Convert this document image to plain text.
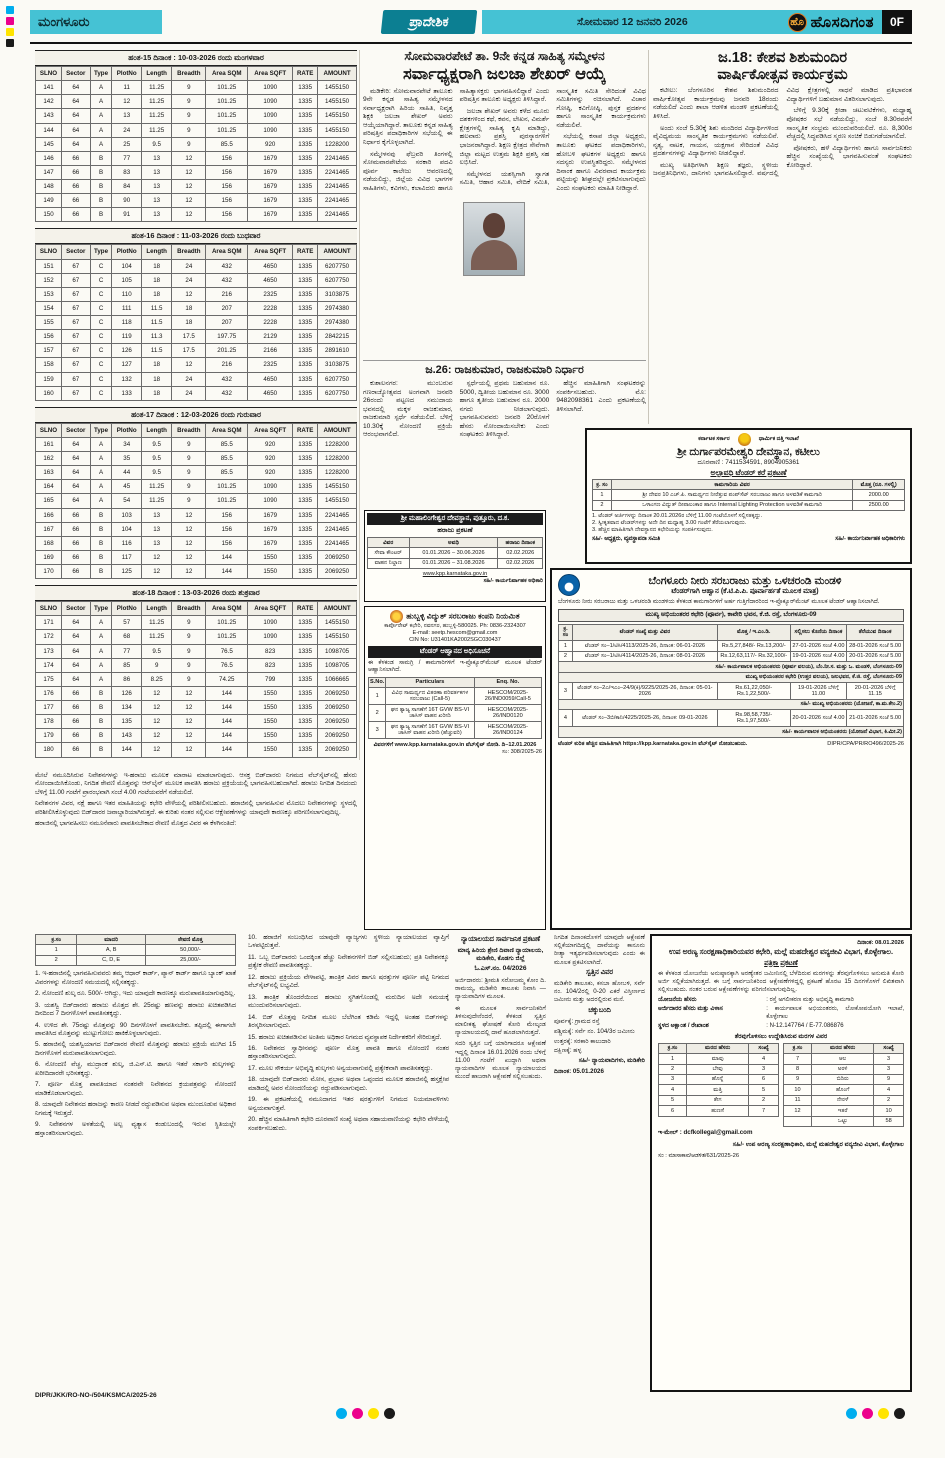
ಮಂಗಳೂರು	ಪ್ರಾದೇಶಿಕ	ಸೋಮವಾರ 12 ಜನವರಿ 2026	ಹೊ ಹೊಸದಿಗಂತ	0F
ಹಂತ-15 ದಿನಾಂಕ : 10-03-2026 ರಂದು ಮಂಗಳವಾರ
SLNO	Sector	Type	PlotNo	Length	Breadth	Area SQM	Area SQFT	RATE	AMOUNT
141	64	A	11	11.25	9	101.25	1090	1335	1455150
142	64	A	12	11.25	9	101.25	1090	1335	1455150
143	64	A	13	11.25	9	101.25	1090	1335	1455150
144	64	A	24	11.25	9	101.25	1090	1335	1455150
145	64	A	25	9.5	9	85.5	920	1335	1228200
146	66	B	77	13	12	156	1679	1335	2241465
147	66	B	83	13	12	156	1679	1335	2241465
148	66	B	84	13	12	156	1679	1335	2241465
149	66	B	90	13	12	156	1679	1335	2241465
150	66	B	91	13	12	156	1679	1335	2241465
ಹಂತ-16 ದಿನಾಂಕ : 11-03-2026 ರಂದು ಬುಧವಾರ
SLNO	Sector	Type	PlotNo	Length	Breadth	Area SQM	Area SQFT	RATE	AMOUNT
151	67	C	104	18	24	432	4650	1335	6207750
152	67	C	105	18	24	432	4650	1335	6207750
153	67	C	110	18	12	216	2325	1335	3103875
154	67	C	111	11.5	18	207	2228	1335	2974380
155	67	C	118	11.5	18	207	2228	1335	2974380
156	67	C	119	11.3	17.5	197.75	2129	1335	2842215
157	67	C	126	11.5	17.5	201.25	2166	1335	2891610
158	67	C	127	18	12	216	2325	1335	3103875
159	67	C	132	18	24	432	4650	1335	6207750
160	67	C	133	18	24	432	4650	1335	6207750
ಹಂತ-17 ದಿನಾಂಕ : 12-03-2026 ರಂದು ಗುರುವಾರ
SLNO	Sector	Type	PlotNo	Length	Breadth	Area SQM	Area SQFT	RATE	AMOUNT
161	64	A	34	9.5	9	85.5	920	1335	1228200
162	64	A	35	9.5	9	85.5	920	1335	1228200
163	64	A	44	9.5	9	85.5	920	1335	1228200
164	64	A	45	11.25	9	101.25	1090	1335	1455150
165	64	A	54	11.25	9	101.25	1090	1335	1455150
166	66	B	103	13	12	156	1679	1335	2241465
167	66	B	104	13	12	156	1679	1335	2241465
168	66	B	116	13	12	156	1679	1335	2241465
169	66	B	117	12	12	144	1550	1335	2069250
170	66	B	125	12	12	144	1550	1335	2069250
ಹಂತ-18 ದಿನಾಂಕ : 13-03-2026 ರಂದು ಶುಕ್ರವಾರ
SLNO	Sector	Type	PlotNo	Length	Breadth	Area SQM	Area SQFT	RATE	AMOUNT
171	64	A	57	11.25	9	101.25	1090	1335	1455150
172	64	A	68	11.25	9	101.25	1090	1335	1455150
173	64	A	77	9.5	9	76.5	823	1335	1098705
174	64	A	85	9	9	76.5	823	1335	1098705
175	64	A	86	8.25	9	74.25	799	1335	1066665
176	66	B	126	12	12	144	1550	1335	2069250
177	66	B	134	12	12	144	1550	1335	2069250
178	66	B	135	12	12	144	1550	1335	2069250
179	66	B	143	12	12	144	1550	1335	2069250
180	66	B	144	12	12	144	1550	1335	2069250
ಸೋಮವಾರಪೇಟೆ ತಾ. 9ನೇ ಕನ್ನಡ ಸಾಹಿತ್ಯ ಸಮ್ಮೇಳನ
ಸರ್ವಾಧ್ಯಕ್ಷರಾಗಿ ಜಲಜಾ ಶೇಖರ್ ಆಯ್ಕೆ

ಮಡಿಕೇರಿ: ಸೋಮವಾರಪೇಟೆ ತಾಲೂಕು 9ನೇ ಕನ್ನಡ ಸಾಹಿತ್ಯ ಸಮ್ಮೇಳನದ ಸರ್ವಾಧ್ಯಕ್ಷರಾಗಿ ಹಿರಿಯ ಸಾಹಿತಿ, ನಿವೃತ್ತ ಶಿಕ್ಷಕಿ ಜಲಜಾ ಶೇಖರ್ ಅವರು ಆಯ್ಕೆಯಾಗಿದ್ದಾರೆ. ತಾಲೂಕು ಕನ್ನಡ ಸಾಹಿತ್ಯ ಪರಿಷತ್ತಿನ ಪದಾಧಿಕಾರಿಗಳ ಸಭೆಯಲ್ಲಿ ಈ ನಿರ್ಧಾರ ಕೈಗೊಳ್ಳಲಾಗಿದೆ.

ಸಮ್ಮೇಳನವು ಫೆಬ್ರವರಿ ತಿಂಗಳಲ್ಲಿ ಸೋಮವಾರಪೇಟೆಯ ಸರಕಾರಿ ಪದವಿ ಪೂರ್ವ ಕಾಲೇಜು ಆವರಣದಲ್ಲಿ ನಡೆಯಲಿದ್ದು, ಜಿಲ್ಲೆಯ ವಿವಿಧ ಭಾಗಗಳ ಸಾಹಿತಿಗಳು, ಕವಿಗಳು, ಕಲಾವಿದರು ಹಾಗೂ ಸಾಹಿತ್ಯಾಸಕ್ತರು ಭಾಗವಹಿಸಲಿದ್ದಾರೆ ಎಂದು ಪರಿಷತ್ತಿನ ತಾಲೂಕು ಅಧ್ಯಕ್ಷರು ತಿಳಿಸಿದ್ದಾರೆ.

ಜಲಜಾ ಶೇಖರ್ ಅವರು ಕಳೆದ ಮೂರು ದಶಕಗಳಿಂದ ಕಥೆ, ಕವನ, ಲೇಖನ, ವಿಮರ್ಶೆ ಕ್ಷೇತ್ರಗಳಲ್ಲಿ ಸಾಹಿತ್ಯ ಕೃಷಿ ಮಾಡಿದ್ದು, ಹಲವಾರು ಪ್ರಶಸ್ತಿ ಪುರಸ್ಕಾರಗಳಿಗೆ ಭಾಜನರಾಗಿದ್ದಾರೆ. ಶಿಕ್ಷಣ ಕ್ಷೇತ್ರದ ಸೇವೆಗಾಗಿ ಜಿಲ್ಲಾ ಮಟ್ಟದ ಉತ್ತಮ ಶಿಕ್ಷಕಿ ಪ್ರಶಸ್ತಿ ಸಹ ಲಭಿಸಿದೆ.

ಸಮ್ಮೇಳನದ ಯಶಸ್ಸಿಗಾಗಿ ಸ್ವಾಗತ ಸಮಿತಿ, ಆಹಾರ ಸಮಿತಿ, ವೇದಿಕೆ ಸಮಿತಿ, ಸಾಂಸ್ಕೃತಿಕ ಸಮಿತಿ ಸೇರಿದಂತೆ ವಿವಿಧ ಸಮಿತಿಗಳನ್ನು ರಚಿಸಲಾಗಿದೆ. ವಿಚಾರ ಗೋಷ್ಠಿ, ಕವಿಗೋಷ್ಠಿ, ಪುಸ್ತಕ ಪ್ರದರ್ಶನ ಹಾಗೂ ಸಾಂಸ್ಕೃತಿಕ ಕಾರ್ಯಕ್ರಮಗಳು ನಡೆಯಲಿವೆ.

ಸಭೆಯಲ್ಲಿ ಕಸಾಪ ಜಿಲ್ಲಾ ಅಧ್ಯಕ್ಷರು, ತಾಲೂಕು ಘಟಕದ ಪದಾಧಿಕಾರಿಗಳು, ಹೋಬಳಿ ಘಟಕಗಳ ಅಧ್ಯಕ್ಷರು ಹಾಗೂ ಸದಸ್ಯರು ಉಪಸ್ಥಿತರಿದ್ದರು. ಸಮ್ಮೇಳನದ ದಿನಾಂಕ ಹಾಗೂ ವಿವರವಾದ ಕಾರ್ಯಕ್ರಮ ಪಟ್ಟಿಯನ್ನು ಶೀಘ್ರದಲ್ಲೇ ಪ್ರಕಟಿಸಲಾಗುವುದು ಎಂದು ಸಂಘಟಕರು ಮಾಹಿತಿ ನೀಡಿದ್ದಾರೆ.

ಜ.26: ರಾಜಕುಮಾರ, ರಾಜಕುಮಾರಿ ನಿರ್ಧಾರ

ಕುಶಾಲನಗರ: ಮುಂಬರುವ ಗಣರಾಜ್ಯೋತ್ಸವದ ಅಂಗವಾಗಿ ಜನವರಿ 26ರಂದು ಪಟ್ಟಣದ ಸಮುದಾಯ ಭವನದಲ್ಲಿ ಮಕ್ಕಳ ರಾಜಕುಮಾರ, ರಾಜಕುಮಾರಿ ಸ್ಪರ್ಧೆ ನಡೆಯಲಿದೆ. ಬೆಳಿಗ್ಗೆ 10.30ಕ್ಕೆ ನೋಂದಣಿ ಪ್ರಕ್ರಿಯೆ ಆರಂಭವಾಗಲಿದೆ.

ಸ್ಪರ್ಧೆಯಲ್ಲಿ ಪ್ರಥಮ ಬಹುಮಾನ ರೂ. 5000, ದ್ವಿತೀಯ ಬಹುಮಾನ ರೂ. 3000 ಹಾಗೂ ತೃತೀಯ ಬಹುಮಾನ ರೂ. 2000 ನಗದು ನೀಡಲಾಗುವುದು. ಭಾಗವಹಿಸುವವರು ಜನವರಿ 20ರೊಳಗೆ ಹೆಸರು ನೋಂದಾಯಿಸಬೇಕು ಎಂದು ಸಂಘಟಕರು ತಿಳಿಸಿದ್ದಾರೆ.

ಹೆಚ್ಚಿನ ಮಾಹಿತಿಗಾಗಿ ಸಂಘಟಕರನ್ನು ಸಂಪರ್ಕಿಸಬಹುದು. ಮೊ: 9482098361 ಎಂದು ಪ್ರಕಟಣೆಯಲ್ಲಿ ತಿಳಿಸಲಾಗಿದೆ.

ಶ್ರೀ ಮಹಾಲಿಂಗೇಶ್ವರ ದೇವಸ್ಥಾನ, ಪುತ್ತೂರು, ದ.ಕ.
ಹರಾಜು ಪ್ರಕಟಣೆ
ವಿವರ	ಅವಧಿ	ಹರಾಜು ದಿನಾಂಕ
ಸೇವಾ ಕೌಂಟರ್	01.01.2026 – 30.06.2026	02.02.2026
ವಾಹನ ನಿಲ್ದಾಣ	01.01.2026 – 31.08.2026	02.02.2026
www.kpp.karnataka.gov.in
ಸಹಿ/- ಕಾರ್ಯನಿರ್ವಾಹಕ ಅಧಿಕಾರಿ
ಹುಬ್ಬಳ್ಳಿ ವಿದ್ಯುತ್ ಸರಬರಾಜು ಕಂಪನಿ ನಿಯಮಿತ
ಕಾರ್ಪೊರೇಟ್ ಕಛೇರಿ, ನವನಗರ, ಹುಬ್ಬಳ್ಳಿ-580025. Ph: 0836-2324307
E-mail: seetp.hescom@gmail.com
CIN No: U31401KA2002SGC030437
ಟೆಂಡರ್ ಆಹ್ವಾನದ ಅಧಿಸೂಚನೆ
ಈ ಕೆಳಕಂಡ ಸಾಮಗ್ರಿ / ಕಾಮಗಾರಿಗಳಿಗೆ ಇ-ಪ್ರೊಕ್ಯೂರ್‌ಮೆಂಟ್ ಮೂಲಕ ಟೆಂಡರ್ ಆಹ್ವಾನಿಸಲಾಗಿದೆ.
S.No.	Particulars	Enq. No.
1	ವಿವಿಧ ಸಾಮರ್ಥ್ಯದ ವಿತರಣಾ ಪರಿವರ್ತಕಗಳ ಸರಬರಾಜು (Call-5)	HESCOM/2025-26/IND0059/Call-5
2	ಘನ ತ್ಯಾಜ್ಯ ಸಾಗಣೆಗೆ 16T GVW BS-VI ಚಾಸಿಸ್ ವಾಹನ ಖರೀದಿ	HESCOM/2025-26/IND0120
3	ಘನ ತ್ಯಾಜ್ಯ ಸಾಗಣೆಗೆ 16T GVW BS-VI ಚಾಸಿಸ್ ವಾಹನ ಖರೀದಿ (ಹೆಚ್ಚುವರಿ)	HESCOM/2025-26/IND0124
ವಿವರಗಳಿಗೆ www.kpp.karnataka.gov.in ವೆಬ್‌ಸೈಟ್ ನೋಡಿ. ದಿ–12.01.2026
ಸಂ: 308/2025-26
ಜ.18: ಕೇಶವ ಶಿಶುಮಂದಿರ
ವಾರ್ಷಿಕೋತ್ಸವ ಕಾರ್ಯಕ್ರಮ

ಕಟೀಲು: ಬೆಂಗಳೂರಿನ ಕೇಶವ ಶಿಶುಮಂದಿರದ ವಾರ್ಷಿಕೋತ್ಸವ ಕಾರ್ಯಕ್ರಮವು ಜನವರಿ 18ರಂದು ನಡೆಯಲಿದೆ ಎಂದು ಶಾಲಾ ಆಡಳಿತ ಮಂಡಳಿ ಪ್ರಕಟಣೆಯಲ್ಲಿ ತಿಳಿಸಿದೆ.

ಅಂದು ಸಂಜೆ 5.30ಕ್ಕೆ ಶಿಶು ಮಂದಿರದ ವಿದ್ಯಾರ್ಥಿಗಳಿಂದ ವೈವಿಧ್ಯಮಯ ಸಾಂಸ್ಕೃತಿಕ ಕಾರ್ಯಕ್ರಮಗಳು ನಡೆಯಲಿವೆ. ನೃತ್ಯ, ನಾಟಕ, ಗಾಯನ, ಯಕ್ಷಗಾನ ಸೇರಿದಂತೆ ವಿವಿಧ ಪ್ರದರ್ಶನಗಳನ್ನು ವಿದ್ಯಾರ್ಥಿಗಳು ನೀಡಲಿದ್ದಾರೆ.

ಮುಖ್ಯ ಅತಿಥಿಗಳಾಗಿ ಶಿಕ್ಷಣ ತಜ್ಞರು, ಸ್ಥಳೀಯ ಜನಪ್ರತಿನಿಧಿಗಳು, ದಾನಿಗಳು ಭಾಗವಹಿಸಲಿದ್ದಾರೆ. ವರ್ಷದಲ್ಲಿ ವಿವಿಧ ಕ್ಷೇತ್ರಗಳಲ್ಲಿ ಸಾಧನೆ ಮಾಡಿದ ಪ್ರತಿಭಾವಂತ ವಿದ್ಯಾರ್ಥಿಗಳಿಗೆ ಬಹುಮಾನ ವಿತರಿಸಲಾಗುವುದು.

ಬೆಳಿಗ್ಗೆ 9.30ಕ್ಕೆ ಕ್ರೀಡಾ ಚಟುವಟಿಕೆಗಳು, ಮಧ್ಯಾಹ್ನ ಪೋಷಕರ ಸಭೆ ನಡೆಯಲಿದ್ದು, ಸಂಜೆ 8.30ರವರೆಗೆ ಸಾಂಸ್ಕೃತಿಕ ಸಂಭ್ರಮ ಮುಂದುವರಿಯಲಿದೆ. ರೂ. 8,300ರ ವೆಚ್ಚದಲ್ಲಿ ಸಿದ್ಧಪಡಿಸಿದ ಸ್ಮರಣ ಸಂಚಿಕೆ ಬಿಡುಗಡೆಯಾಗಲಿದೆ.

ಪೋಷಕರು, ಹಳೆ ವಿದ್ಯಾರ್ಥಿಗಳು ಹಾಗೂ ಸಾರ್ವಜನಿಕರು ಹೆಚ್ಚಿನ ಸಂಖ್ಯೆಯಲ್ಲಿ ಭಾಗವಹಿಸುವಂತೆ ಸಂಘಟಕರು ಕೋರಿದ್ದಾರೆ.

ಕರ್ನಾಟಕ ಸರ್ಕಾರ	ಧಾರ್ಮಿಕ ದತ್ತಿ ಇಲಾಖೆ
ಶ್ರೀ ದುರ್ಗಾಪರಮೇಶ್ವರಿ ದೇವಸ್ಥಾನ, ಕಟೀಲು
ದೂರವಾಣಿ : 7411534591, 8904905361
ಅಲ್ಪಾವಧಿ ಟೆಂಡರ್ ಕರೆ ಪ್ರಕಟಣೆ
ಕ್ರ. ಸಂ	ಕಾಮಗಾರಿಯ ವಿವರ	ಮೊತ್ತ (ರೂ. ಗಳಲ್ಲಿ)
1	ಶ್ರೀ ದೇವರ 10 ಎಚ್.ಪಿ. ಸಾಮರ್ಥ್ಯದ ನೀರೆತ್ತುವ ಪಂಪ್‌ಸೆಟ್ ಸರಬರಾಜು ಹಾಗೂ ಅಳವಡಿಕೆ ಕಾಮಗಾರಿ	2000.00
2	ಒಳಾಂಗಣ ವಿದ್ಯುತ್ ದೀಪಾಲಂಕಾರ ಹಾಗೂ Internal Lighting Protection ಅಳವಡಿಕೆ ಕಾಮಗಾರಿ	2500.00
1. ಟೆಂಡರ್ ಅರ್ಜಿಗಳನ್ನು ದಿನಾಂಕ 20.01.2026ರ ಬೆಳಿಗ್ಗೆ 11.00 ಗಂಟೆಯೊಳಗೆ ಸಲ್ಲಿಸತಕ್ಕದ್ದು.
2. ಸ್ವೀಕೃತವಾದ ಟೆಂಡರ್‌ಗಳನ್ನು ಅದೇ ದಿನ ಮಧ್ಯಾಹ್ನ 3.00 ಗಂಟೆಗೆ ತೆರೆಯಲಾಗುವುದು.
3. ಹೆಚ್ಚಿನ ಮಾಹಿತಿಗಾಗಿ ದೇವಸ್ಥಾನದ ಕಛೇರಿಯನ್ನು ಸಂಪರ್ಕಿಸುವುದು.
ಸಹಿ/- ಅಧ್ಯಕ್ಷರು, ವ್ಯವಸ್ಥಾಪನಾ ಸಮಿತಿ	ಸಹಿ/- ಕಾರ್ಯನಿರ್ವಾಹಕ ಅಧಿಕಾರಿಗಳು
ಬೆಂಗಳೂರು ನೀರು ಸರಬರಾಜು ಮತ್ತು ಒಳಚರಂಡಿ ಮಂಡಳಿ
ಟೆಂಡರ್‌ಗಾಗಿ ಆಹ್ವಾನ (ಕೆ.ಟಿ.ಪಿ.ಪಿ. ಪೂರ್ವಾರ್ಹತೆ ಮೂಲಕ ಮಾತ್ರ)
ಬೆಂಗಳೂರು ನೀರು ಸರಬರಾಜು ಮತ್ತು ಒಳಚರಂಡಿ ಮಂಡಳಿಯ ಕೆಳಕಂಡ ಕಾಮಗಾರಿಗಳಿಗೆ ಅರ್ಹ ಗುತ್ತಿಗೆದಾರರಿಂದ ಇ-ಪ್ರೊಕ್ಯೂರ್‌ಮೆಂಟ್ ಮೂಲಕ ಟೆಂಡರ್ ಆಹ್ವಾನಿಸಲಾಗಿದೆ.
ಮುಖ್ಯ ಅಭಿಯಂತರರ ಕಛೇರಿ (ಪೂರ್ವ), ಕಾವೇರಿ ಭವನ, ಕೆ.ಜಿ. ರಸ್ತೆ, ಬೆಂಗಳೂರು-09
ಕ್ರ. ಸಂ	ಟೆಂಡರ್ ಸಂಖ್ಯೆ ಮತ್ತು ವಿವರ	ಮೊತ್ತ / ಇ.ಎಂ.ಡಿ.	ಸಲ್ಲಿಸಲು ಕೊನೆಯ ದಿನಾಂಕ	ತೆರೆಯುವ ದಿನಾಂಕ
1	ಟೆಂಡರ್ ಸಂ–1/ಟಿಸಿ/4113/2025-26, ದಿನಾಂಕ: 06-01-2026	Rs.5,27,848/- Rs.13,200/-	27-01-2026 ಸಂಜೆ 4.00	28-01-2026 ಸಂಜೆ 5.00
2	ಟೆಂಡರ್ ಸಂ–1/ಟಿಸಿ/4114/2025-26, ದಿನಾಂಕ: 08-01-2026	Rs.12,63,117/- Rs.32,100/-	19-01-2026 ಸಂಜೆ 4.00	20-01-2026 ಸಂಜೆ 5.00
ಸಹಿ/- ಕಾರ್ಯಪಾಲಕ ಅಭಿಯಂತರರು (ಪೂರ್ವ ವಲಯ), ಬೆಂ.ನೀ.ಸ. ಮತ್ತು ಒ. ಮಂಡಳಿ, ಬೆಂಗಳೂರು-09				
ಮುಖ್ಯ ಅಭಿಯಂತರರ ಕಛೇರಿ (ಉತ್ತರ ವಲಯ), ಜಲಭವನ, ಕೆ.ಜಿ. ರಸ್ತೆ, ಬೆಂಗಳೂರು-09				
3	ಟೆಂಡರ್ ಸಂ–2ಎ/ಇಎಂ–24/9(ಕಿ)/9225/2025-26, ದಿನಾಂಕ: 05-01-2026	Rs.61,22,050/- Rs.1,22,500/-	19-01-2026 ಬೆಳಿಗ್ಗೆ 11.00	20-01-2026 ಬೆಳಿಗ್ಗೆ 11.15
ಸಹಿ/- ಮುಖ್ಯ ಅಭಿಯಂತರರು (ಯೋಜನೆ, ಕಾ.ಮ.ಕೇಂ.2)				
4	ಟೆಂಡರ್ ಸಂ–3ಬಿ/ಕಾನಿ/4225/2025-26, ದಿನಾಂಕ: 09-01-2026	Rs.98,58,735/- Rs.1,97,500/-	20-01-2026 ಸಂಜೆ 4.00	21-01-2026 ಸಂಜೆ 5.00
ಸಹಿ/- ಕಾರ್ಯಪಾಲಕ ಅಭಿಯಂತರರು (ಯೋಜನೆ ವಿಭಾಗ, ಕಿ.ಮೀ.2)				
ಟೆಂಡರ್ ಕುರಿತ ಹೆಚ್ಚಿನ ಮಾಹಿತಿಗಾಗಿ https://kpp.karnataka.gov.in ವೆಬ್‌ಸೈಟ್ ನೋಡಬಹುದು.	DIPR/CPA/PR/RO496/2025-26

ಮೇಲೆ ನಮೂದಿಸಿರುವ ನಿವೇಶನಗಳನ್ನು ಇ-ಹರಾಜು ಮೂಲಕ ಮಾರಾಟ ಮಾಡಲಾಗುವುದು. ಆಸಕ್ತ ಬಿಡ್‌ದಾರರು ನಿಗಮದ ವೆಬ್‌ಸೈಟ್‌ನಲ್ಲಿ ಹೆಸರು ನೋಂದಾಯಿಸಿಕೊಂಡು, ನಿಗದಿತ ಠೇವಣಿ ಮೊತ್ತವನ್ನು ಆನ್‌ಲೈನ್ ಮೂಲಕ ಪಾವತಿಸಿ ಹರಾಜು ಪ್ರಕ್ರಿಯೆಯಲ್ಲಿ ಭಾಗವಹಿಸಬಹುದಾಗಿದೆ. ಹರಾಜು ನಿಗದಿತ ದಿನದಂದು ಬೆಳಿಗ್ಗೆ 11.00 ಗಂಟೆಗೆ ಪ್ರಾರಂಭವಾಗಿ ಸಂಜೆ 4.00 ಗಂಟೆಯವರೆಗೆ ನಡೆಯಲಿದೆ.

ನಿವೇಶನಗಳ ವಿವರ, ನಕ್ಷೆ ಹಾಗೂ ಇತರ ಮಾಹಿತಿಯನ್ನು ಕಛೇರಿ ವೇಳೆಯಲ್ಲಿ ಪರಿಶೀಲಿಸಬಹುದು. ಹರಾಜಿನಲ್ಲಿ ಭಾಗವಹಿಸುವ ಮೊದಲು ನಿವೇಶನಗಳನ್ನು ಸ್ಥಳದಲ್ಲಿ ಪರಿಶೀಲಿಸಿಕೊಳ್ಳುವುದು ಬಿಡ್‌ದಾರರ ಜವಾಬ್ದಾರಿಯಾಗಿರುತ್ತದೆ. ಈ ಕುರಿತು ನಂತರ ಸಲ್ಲಿಸುವ ಆಕ್ಷೇಪಣೆಗಳನ್ನು ಯಾವುದೇ ಕಾರಣಕ್ಕೂ ಪರಿಗಣಿಸಲಾಗುವುದಿಲ್ಲ.

ಹರಾಜಿನಲ್ಲಿ ಭಾಗವಹಿಸಲು ನಮೂನೆವಾರು ಪಾವತಿಸಬೇಕಾದ ಠೇವಣಿ ಮೊತ್ತದ ವಿವರ ಈ ಕೆಳಗಿನಂತಿದೆ:

ಕ್ರ.ಸಂ	ಮಾದರಿ	ಠೇವಣಿ ಮೊತ್ತ
1	A, B	50,000/-
2	C, D, E	25,000/-

1. ಇ-ಹರಾಜಿನಲ್ಲಿ ಭಾಗವಹಿಸುವವರು ತಮ್ಮ ಆಧಾರ್ ಕಾರ್ಡ್, ಪ್ಯಾನ್ ಕಾರ್ಡ್ ಹಾಗೂ ಬ್ಯಾಂಕ್ ಖಾತೆ ವಿವರಗಳನ್ನು ನೋಂದಣಿ ಸಮಯದಲ್ಲಿ ಸಲ್ಲಿಸತಕ್ಕದ್ದು.

2. ನೋಂದಣಿ ಶುಲ್ಕ ರೂ. 500/- ಆಗಿದ್ದು, ಇದು ಯಾವುದೇ ಕಾರಣಕ್ಕೂ ಮರುಪಾವತಿಯಾಗುವುದಿಲ್ಲ.

3. ಯಶಸ್ವಿ ಬಿಡ್‌ದಾರರು ಹರಾಜು ಮೊತ್ತದ ಶೇ. 25ರಷ್ಟು ಹಣವನ್ನು ಹರಾಜು ಖಚಿತಪಡಿಸಿದ ದಿನದಿಂದ 7 ದಿನಗಳೊಳಗೆ ಪಾವತಿಸತಕ್ಕದ್ದು.

4. ಉಳಿದ ಶೇ. 75ರಷ್ಟು ಮೊತ್ತವನ್ನು 90 ದಿನಗಳೊಳಗೆ ಪಾವತಿಸಬೇಕು. ತಪ್ಪಿದಲ್ಲಿ ಈಗಾಗಲೇ ಪಾವತಿಸಿದ ಮೊತ್ತವನ್ನು ಮುಟ್ಟುಗೋಲು ಹಾಕಿಕೊಳ್ಳಲಾಗುವುದು.

5. ಹರಾಜಿನಲ್ಲಿ ಯಶಸ್ವಿಯಾಗದ ಬಿಡ್‌ದಾರರ ಠೇವಣಿ ಮೊತ್ತವನ್ನು ಹರಾಜು ಪ್ರಕ್ರಿಯೆ ಮುಗಿದ 15 ದಿನಗಳೊಳಗೆ ಮರುಪಾವತಿಸಲಾಗುವುದು.

6. ನೋಂದಣಿ ವೆಚ್ಚ, ಮುದ್ರಾಂಕ ಶುಲ್ಕ, ಜಿ.ಎಸ್.ಟಿ. ಹಾಗೂ ಇತರೆ ಸರ್ಕಾರಿ ಶುಲ್ಕಗಳನ್ನು ಖರೀದಿದಾರರೇ ಭರಿಸತಕ್ಕದ್ದು.

7. ಪೂರ್ಣ ಮೊತ್ತ ಪಾವತಿಯಾದ ನಂತರವೇ ನಿವೇಶನದ ಕ್ರಯಪತ್ರವನ್ನು ನೋಂದಣಿ ಮಾಡಿಕೊಡಲಾಗುವುದು.

8. ಯಾವುದೇ ನಿವೇಶನದ ಹರಾಜನ್ನು ಕಾರಣ ನೀಡದೆ ರದ್ದುಪಡಿಸುವ ಅಥವಾ ಮುಂದೂಡುವ ಅಧಿಕಾರ ನಿಗಮಕ್ಕೆ ಇರುತ್ತದೆ.

9. ನಿವೇಶನಗಳ ಅಳತೆಯಲ್ಲಿ ಅಲ್ಪ ವ್ಯತ್ಯಾಸ ಕಂಡುಬಂದಲ್ಲಿ ಇರುವ ಸ್ಥಿತಿಯಲ್ಲೇ ಹಸ್ತಾಂತರಿಸಲಾಗುವುದು.

10. ಹರಾಜಿಗೆ ಸಂಬಂಧಿಸಿದ ಯಾವುದೇ ವ್ಯಾಜ್ಯಗಳು ಸ್ಥಳೀಯ ನ್ಯಾಯಾಲಯದ ವ್ಯಾಪ್ತಿಗೆ ಒಳಪಟ್ಟಿರುತ್ತವೆ.

11. ಒಬ್ಬ ಬಿಡ್‌ದಾರರು ಒಂದಕ್ಕಿಂತ ಹೆಚ್ಚು ನಿವೇಶನಗಳಿಗೆ ಬಿಡ್ ಸಲ್ಲಿಸಬಹುದು; ಪ್ರತಿ ನಿವೇಶನಕ್ಕೂ ಪ್ರತ್ಯೇಕ ಠೇವಣಿ ಪಾವತಿಸತಕ್ಕದ್ದು.

12. ಹರಾಜು ಪ್ರಕ್ರಿಯೆಯ ವೇಳಾಪಟ್ಟಿ, ತಾಂತ್ರಿಕ ವಿವರ ಹಾಗೂ ಷರತ್ತುಗಳ ಪೂರ್ಣ ಪಟ್ಟಿ ನಿಗಮದ ವೆಬ್‌ಸೈಟ್‌ನಲ್ಲಿ ಲಭ್ಯವಿದೆ.

13. ತಾಂತ್ರಿಕ ತೊಂದರೆಯಿಂದ ಹರಾಜು ಸ್ಥಗಿತಗೊಂಡಲ್ಲಿ ಮರುದಿನ ಅದೇ ಸಮಯಕ್ಕೆ ಮುಂದುವರಿಸಲಾಗುವುದು.

14. ಬಿಡ್ ಮೊತ್ತವು ನಿಗದಿತ ಮೂಲ ಬೆಲೆಗಿಂತ ಕಡಿಮೆ ಇದ್ದಲ್ಲಿ ಅಂತಹ ಬಿಡ್‌ಗಳನ್ನು ತಿರಸ್ಕರಿಸಲಾಗುವುದು.

15. ಹರಾಜು ಖಚಿತಪಡಿಸುವ ಅಂತಿಮ ಅಧಿಕಾರ ನಿಗಮದ ವ್ಯವಸ್ಥಾಪಕ ನಿರ್ದೇಶಕರಿಗೆ ಸೇರಿರುತ್ತದೆ.

16. ನಿವೇಶನದ ಸ್ವಾಧೀನವನ್ನು ಪೂರ್ಣ ಮೊತ್ತ ಪಾವತಿ ಹಾಗೂ ನೋಂದಣಿ ನಂತರ ಹಸ್ತಾಂತರಿಸಲಾಗುವುದು.

17. ಮೂಲ ಸೌಕರ್ಯ ಅಭಿವೃದ್ಧಿ ಶುಲ್ಕಗಳು ಅನ್ವಯವಾಗುವಲ್ಲಿ ಪ್ರತ್ಯೇಕವಾಗಿ ಪಾವತಿಸತಕ್ಕದ್ದು.

18. ಯಾವುದೇ ಬಿಡ್‌ದಾರರು ಮೋಸ, ಪ್ರಭಾವ ಅಥವಾ ಒಪ್ಪಂದದ ಮೂಲಕ ಹರಾಜಿನಲ್ಲಿ ಹಸ್ತಕ್ಷೇಪ ಮಾಡಿದಲ್ಲಿ ಅವರ ನೋಂದಣಿಯನ್ನು ರದ್ದುಪಡಿಸಲಾಗುವುದು.

19. ಈ ಪ್ರಕಟಣೆಯಲ್ಲಿ ನಮೂದಾಗದ ಇತರ ಷರತ್ತುಗಳಿಗೆ ನಿಗಮದ ನಿಯಮಾವಳಿಗಳು ಅನ್ವಯವಾಗುತ್ತವೆ.

20. ಹೆಚ್ಚಿನ ಮಾಹಿತಿಗಾಗಿ ಕಛೇರಿ ದೂರವಾಣಿ ಸಂಖ್ಯೆ ಅಥವಾ ಸಹಾಯವಾಣಿಯನ್ನು ಕಛೇರಿ ವೇಳೆಯಲ್ಲಿ ಸಂಪರ್ಕಿಸಬಹುದು.

DIPR/JKK/RO-NO-/504/KSMCA/2025-26
ನ್ಯಾಯಾಲಯದ ಸಾರ್ವಜನಿಕ ಪ್ರಕಟಣೆ
ಮಾನ್ಯ ಹಿರಿಯ ಶ್ರೇಣಿ ದಿವಾಣಿ ನ್ಯಾಯಾಲಯ, ಮಡಿಕೇರಿ, ಕೊಡಗು ಜಿಲ್ಲೆ
ಓ.ಎಸ್.ನಂ. 04/2026

ಅರ್ಜಿದಾರರು: ಶ್ರೀಮತಿ ಸರೋಜಮ್ಮ ಕೋಂ ದಿ. ರಾಮಯ್ಯ, ಮಡಿಕೇರಿ ತಾಲೂಕು ನಿವಾಸಿ — ನ್ಯಾಯವಾದಿಗಳ ಮೂಲಕ.

ಈ ಮೂಲಕ ಸಾರ್ವಜನಿಕರಿಗೆ ತಿಳಿಸುವುದೇನೆಂದರೆ, ಕೆಳಕಂಡ ಸ್ವತ್ತಿನ ಮಾಲೀಕತ್ವ ಘೋಷಣೆ ಕೋರಿ ಮೇಲ್ಕಂಡ ನ್ಯಾಯಾಲಯದಲ್ಲಿ ದಾವೆ ಹೂಡಲಾಗಿರುತ್ತದೆ.

ಸದರಿ ಸ್ವತ್ತಿನ ಬಗ್ಗೆ ಯಾರಿಗಾದರೂ ಆಕ್ಷೇಪಣೆ ಇದ್ದಲ್ಲಿ ದಿನಾಂಕ 16.01.2026 ರಂದು ಬೆಳಿಗ್ಗೆ 11.00 ಗಂಟೆಗೆ ಖುದ್ದಾಗಿ ಅಥವಾ ನ್ಯಾಯವಾದಿಗಳ ಮೂಲಕ ನ್ಯಾಯಾಲಯದ ಮುಂದೆ ಹಾಜರಾಗಿ ಆಕ್ಷೇಪಣೆ ಸಲ್ಲಿಸಬಹುದು.

ನಿಗದಿತ ದಿನಾಂಕದೊಳಗೆ ಯಾವುದೇ ಆಕ್ಷೇಪಣೆ ಸಲ್ಲಿಕೆಯಾಗದಿದ್ದಲ್ಲಿ ದಾವೆಯನ್ನು ಕಾನೂನು ರೀತ್ಯಾ ಇತ್ಯರ್ಥಪಡಿಸಲಾಗುವುದು ಎಂದು ಈ ಮೂಲಕ ಪ್ರಕಟಿಸಲಾಗಿದೆ.

ಸ್ವತ್ತಿನ ವಿವರ

ಮಡಿಕೇರಿ ತಾಲೂಕು, ಕಸಬಾ ಹೋಬಳಿ, ಸರ್ವೆ ನಂ. 104/2ರಲ್ಲಿ 0-20 ಎಕರೆ ವಿಸ್ತೀರ್ಣದ ಜಮೀನು ಮತ್ತು ಅದರಲ್ಲಿರುವ ಮನೆ.

ಚಕ್ಕುಬಂದಿ
ಪೂರ್ವಕ್ಕೆ: ಗ್ರಾಮದ ರಸ್ತೆ
ಪಶ್ಚಿಮಕ್ಕೆ: ಸರ್ವೆ ನಂ. 104/3ರ ಜಮೀನು
ಉತ್ತರಕ್ಕೆ: ಸರಕಾರಿ ಕಾಲುದಾರಿ
ದಕ್ಷಿಣಕ್ಕೆ: ಹಳ್ಳ

ಸಹಿ/- ನ್ಯಾಯವಾದಿಗಳು, ಮಡಿಕೇರಿ

ದಿನಾಂಕ: 05.01.2026

ದಿನಾಂಕ: 08.01.2026
ಉಪ ಅರಣ್ಯ ಸಂರಕ್ಷಣಾಧಿಕಾರಿಯವರ ಕಛೇರಿ, ಮಲ್ಲೆ ಮಹದೇಶ್ವರ ವನ್ಯಜೀವಿ ವಿಭಾಗ, ಕೊಳ್ಳೇಗಾಲ.
ಪತ್ರಿಕಾ ಪ್ರಕಟಣೆ

ಈ ಕೆಳಕಂಡ ಯೋಜನೆಯ ಅನುಷ್ಠಾನಕ್ಕಾಗಿ ಅರಣ್ಯೇತರ ಜಮೀನಿನಲ್ಲಿ ಬೆಳೆದಿರುವ ಮರಗಳನ್ನು ತೆರವುಗೊಳಿಸಲು ಅನುಮತಿ ಕೋರಿ ಅರ್ಜಿ ಸಲ್ಲಿಕೆಯಾಗಿರುತ್ತದೆ. ಈ ಬಗ್ಗೆ ಸಾರ್ವಜನಿಕರಿಂದ ಆಕ್ಷೇಪಣೆಗಳಿದ್ದಲ್ಲಿ ಪ್ರಕಟಣೆ ಹೊರಟ 15 ದಿನಗಳೊಳಗೆ ಲಿಖಿತವಾಗಿ ಸಲ್ಲಿಸಬಹುದು. ನಂತರ ಬರುವ ಆಕ್ಷೇಪಣೆಗಳನ್ನು ಪರಿಗಣಿಸಲಾಗುವುದಿಲ್ಲ.

ಯೋಜನೆಯ ಹೆಸರು	: ರಸ್ತೆ ಅಗಲೀಕರಣ ಮತ್ತು ಅಭಿವೃದ್ಧಿ ಕಾಮಗಾರಿ
ಅರ್ಜಿದಾರರ ಹೆಸರು ಮತ್ತು ವಿಳಾಸ	: ಕಾರ್ಯಪಾಲಕ ಅಭಿಯಂತರರು, ಲೋಕೋಪಯೋಗಿ ಇಲಾಖೆ, ಕೊಳ್ಳೇಗಾಲ
ಸ್ಥಳದ ಅಕ್ಷಾಂಶ / ರೇಖಾಂಶ	: N-12.147764 / E-77.086876
ತೆರವುಗೊಳಿಸಲು ಉದ್ದೇಶಿಸಿರುವ ಮರಗಳ ವಿವರ
ಕ್ರ.ಸಂ	ಮರದ ಹೆಸರು	ಸಂಖ್ಯೆ
1	ಮಾವು	4
2	ಬೇವು	3
3	ಹೊನ್ನೆ	6
4	ಮತ್ತಿ	5
5	ತೇಗ	2
6	ಹುಣಸೆ	7
ಕ್ರ.ಸಂ	ಮರದ ಹೆಸರು	ಸಂಖ್ಯೆ
7	ಆಲ	3
8	ಅರಳಿ	3
9	ಬಿದಿರು	9
10	ಹೊಂಗೆ	4
11	ನೇರಳೆ	2
12	ಇತರೆ	10
	ಒಟ್ಟು	58
ಇ-ಮೇಲ್ : dcfkollegal@gmail.com
ಸಹಿ/- ಉಪ ಅರಣ್ಯ ಸಂರಕ್ಷಣಾಧಿಕಾರಿ, ಮಲ್ಲೆ ಮಹದೇಶ್ವರ ವನ್ಯಜೀವಿ ವಿಭಾಗ, ಕೊಳ್ಳೇಗಾಲ
ಸಂ : ಮಾಸಾಕಾವ/ಆಡಳಿತ/631/2025-26
